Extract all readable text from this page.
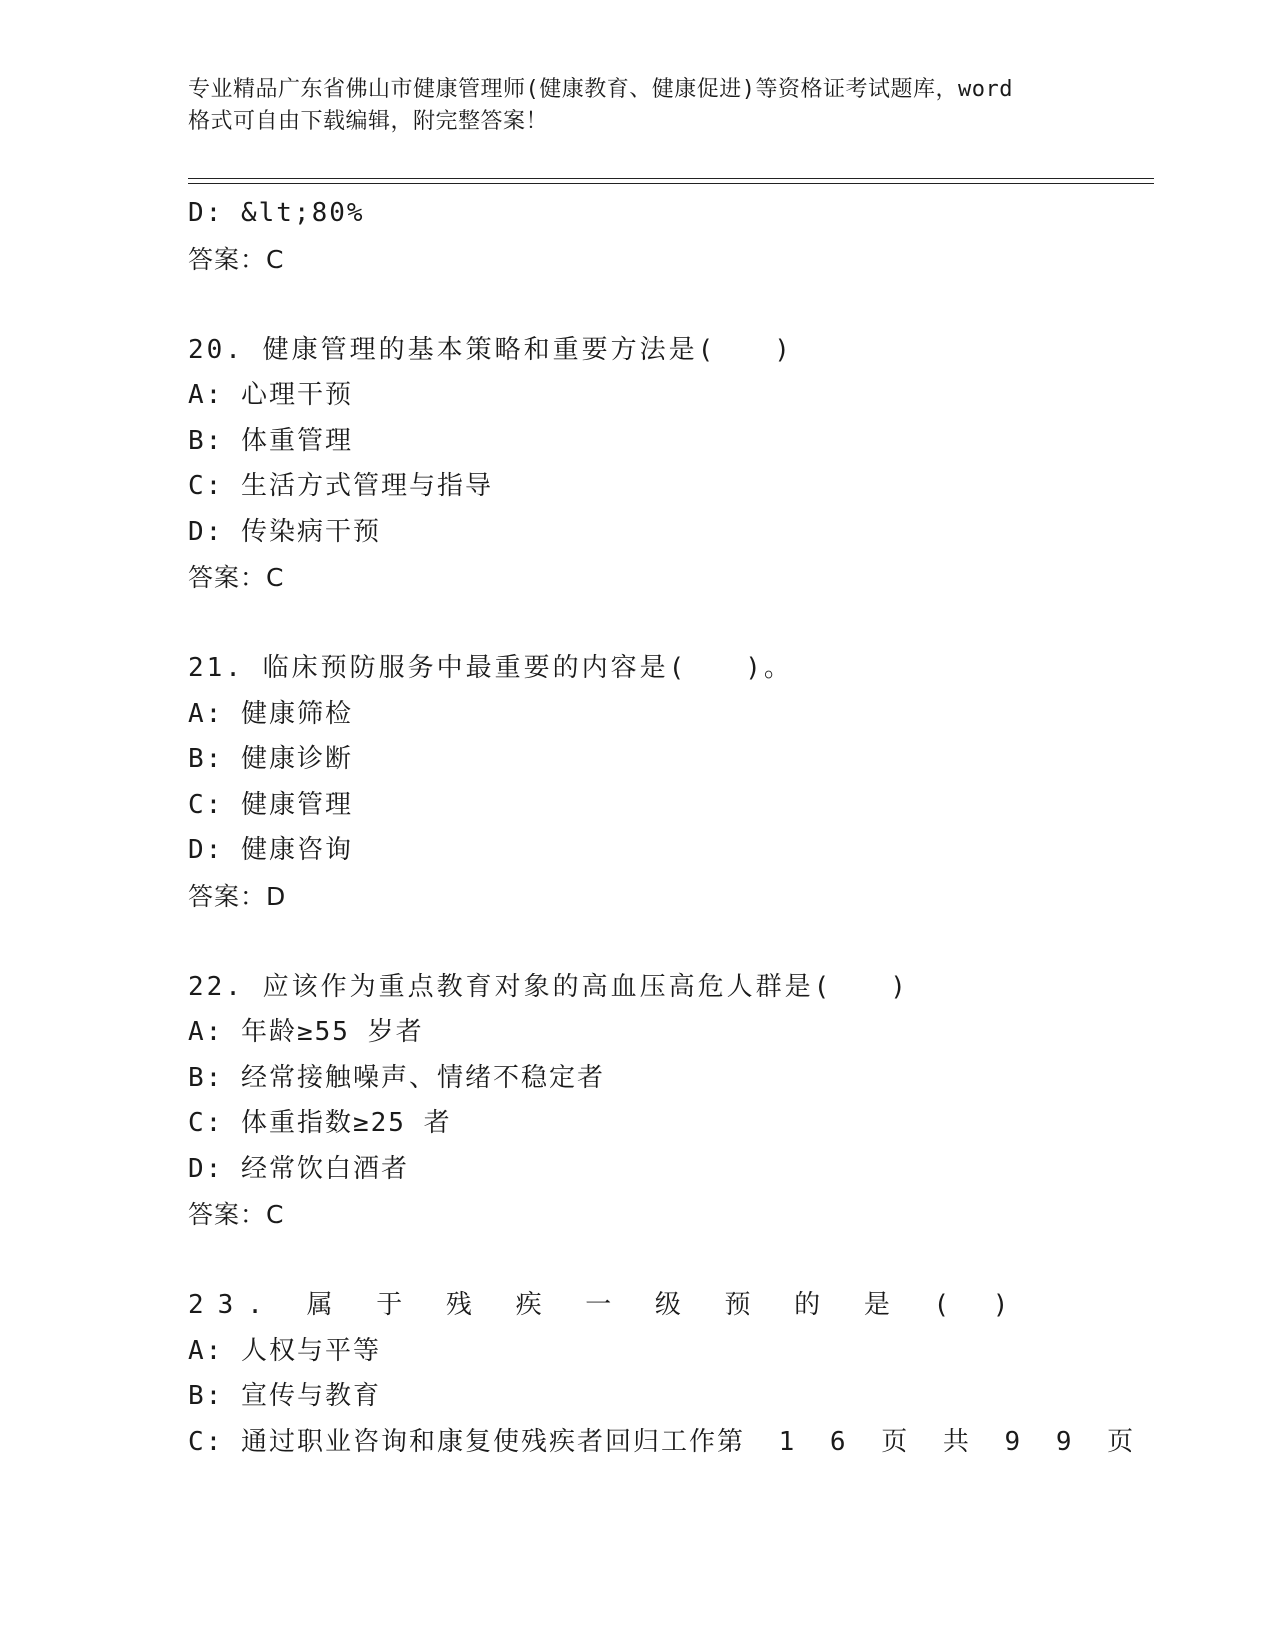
专业精品广东省佛山市健康管理师(健康教育、健康促进)等资格证考试题库，word
格式可自由下载编辑，附完整答案！
D: &lt;80%
答案：C
20. 健康管理的基本策略和重要方法是(　　)
A: 心理干预
B: 体重管理
C: 生活方式管理与指导
D: 传染病干预
答案：C
21. 临床预防服务中最重要的内容是(　　)。
A: 健康筛检
B: 健康诊断
C: 健康管理
D: 健康咨询
答案：D
22. 应该作为重点教育对象的高血压高危人群是(　　)
A: 年龄≥55 岁者
B: 经常接触噪声、情绪不稳定者
C: 体重指数≥25 者
D: 经常饮白酒者
答案：C
23. 属 于 残 疾 一 级 预 的 是 ( )
A: 人权与平等
B: 宣传与教育
C: 通过职业咨询和康复使残疾者回归工作第 1 6 页 共 9 9 页
